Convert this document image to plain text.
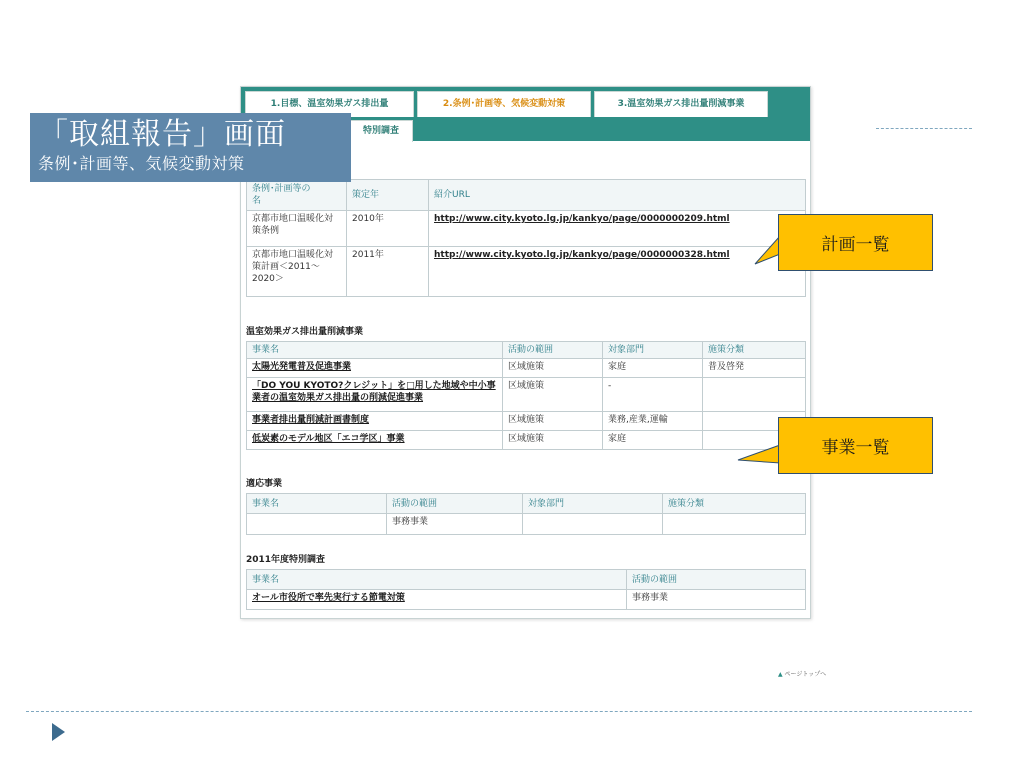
1.目標、温室効果ガス排出量	2.条例･計画等、気候変動対策	3.温室効果ガス排出量削減事業
特別調査
条例･計画等の
名	策定年	紹介URL
京都市地口温暖化対策条例	2010年	http://www.city.kyoto.lg.jp/kankyo/page/0000000209.html
京都市地口温暖化対策計画＜2011～2020＞	2011年	http://www.city.kyoto.lg.jp/kankyo/page/0000000328.html
温室効果ガス排出量削減事業
事業名	活動の範囲	対象部門	施策分類
太陽光発電普及促進事業	区域施策	家庭	普及啓発
「DO YOU KYOTO?クレジット」を□用した地域や中小事業者の温室効果ガス排出量の削減促進事業	区域施策	-	
事業者排出量削減計画書制度	区域施策	業務,産業,運輸	
低炭素のモデル地区「エコ学区」事業	区域施策	家庭	
適応事業
事業名	活動の範囲	対象部門	施策分類
	事務事業		
2011年度特別調査
事業名	活動の範囲
オール市役所で率先実行する節電対策	事務事業
「取組報告」画面
条例･計画等、気候変動対策
計画一覧
事業一覧
▲ ページトップへ
